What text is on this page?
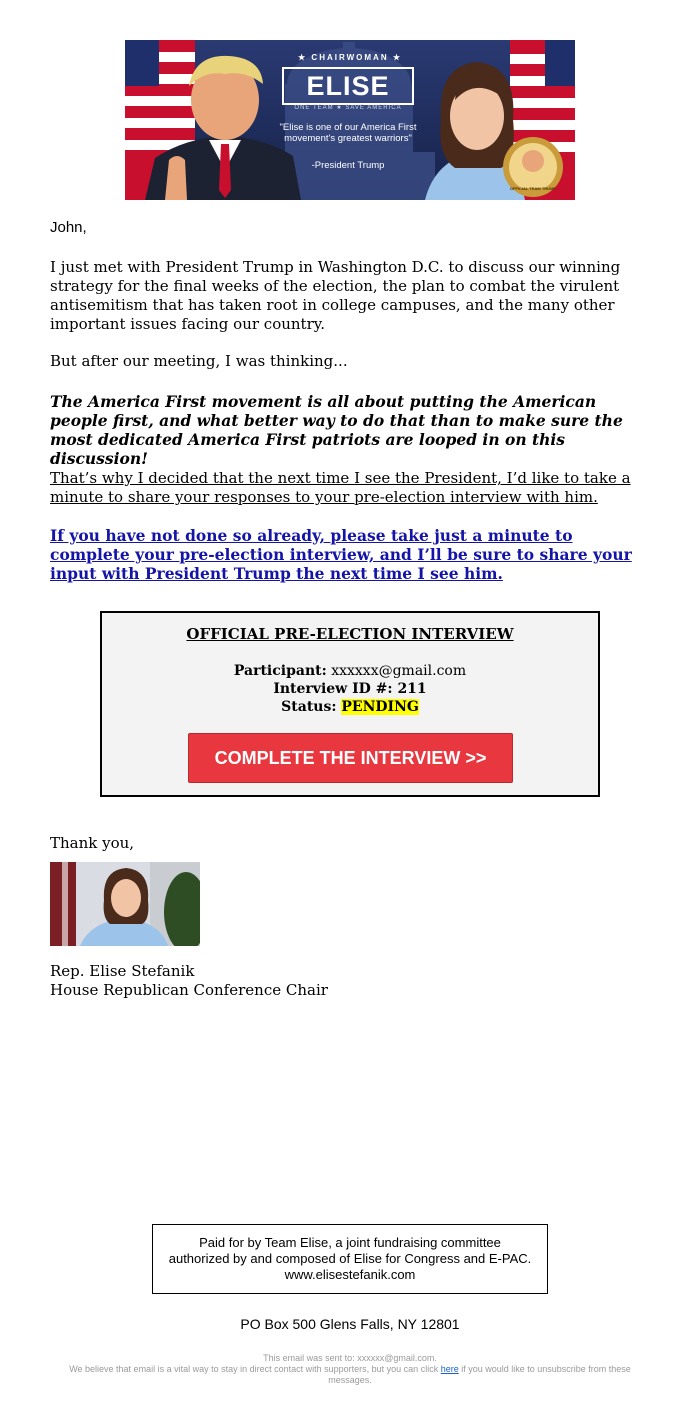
★ CHAIRWOMAN ★
ELISE
ONE TEAM ★ SAVE AMERICA
"Elise is one of our America First movement's greatest warriors"
-President Trump
OFFICIAL TEAM TRUMP

John,

I just met with President Trump in Washington D.C. to discuss our winning strategy for the final weeks of the election, the plan to combat the virulent antisemitism that has taken root in college campuses, and the many other important issues facing our country.

But after our meeting, I was thinking...

The America First movement is all about putting the American people first, and what better way to do that than to make sure the most dedicated America First patriots are looped in on this discussion!

That’s why I decided that the next time I see the President, I’d like to take a minute to share your responses to your pre-election interview with him.

If you have not done so already, please take just a minute to complete your pre-election interview, and I’ll be sure to share your input with President Trump the next time I see him.
OFFICIAL PRE-ELECTION INTERVIEW
Participant: xxxxxx@gmail.com
Interview ID #: 211
Status: PENDING
COMPLETE THE INTERVIEW >>

Thank you,

Rep. Elise Stefanik

House Republican Conference Chair

Paid for by Team Elise, a joint fundraising committee authorized by and composed of Elise for Congress and E-PAC. www.elisestefanik.com
PO Box 500 Glens Falls, NY 12801
This email was sent to: xxxxxx@gmail.com.
We believe that email is a vital way to stay in direct contact with supporters, but you can click here if you would like to unsubscribe from these messages.
